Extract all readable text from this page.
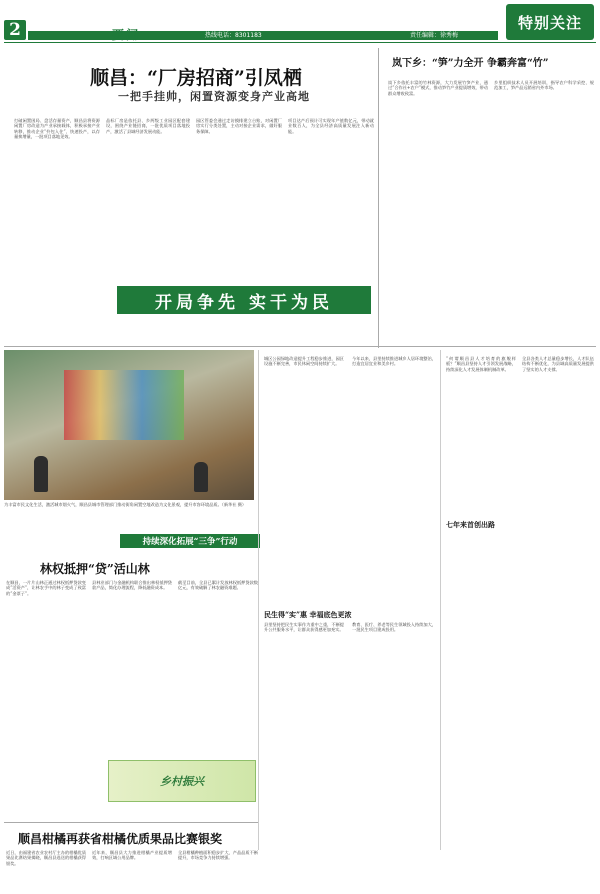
2	要闻	热线电话：8301183	责任编辑：徐秀梅
特别关注
顺昌：“厂房招商”引凤栖
一把手挂帅，闲置资源变身产业高地
打破闲置困局、盘活存量资产，顺昌县将资源闲置厂房改造为产业承接载体，积极承接产业转移，推动企业“拎包入住”、快速投产，以存量换增量，一批项目落地见效。
品标厂房是依托县、乡两级工业园区配套建设，围绕产业链招商，一批优质项目落地投产，激活了县域经济发展动能。
园区管委会通过走访摸排建立台账，对闲置厂房实行分类处置，主动对接企业需求，做好服务保障。
项目达产后预计可实现年产值数亿元，带动就业数百人，为全县经济高质量发展注入新动能。
岚下乡：“笋”力全开 争霸奔富“竹”
岚下乡依托丰富的竹林资源，大力发展竹笋产业，通过“合作社+农户”模式，推动笋竹产业提质增效，带动群众增收致富。
乡里组织技术人员开展培训，指导农户科学采挖、规范加工，笋产品远销省内外市场。
开局争先 实干为民
为丰富市民文化生活，激活城市烟火气，顺昌县城市管理部门推动街角闲置空地改造为文化景观，提升市容环境品质。（新华社 摄）
持续深化拓展“三争”行动
林权抵押“贷”活山林
在顺昌，一片片山林正通过林权抵押贷款变成“活资产”，让林农手中的林子变成了致富的“金票子”。
县林业部门与金融机构联合推出林权抵押贷款产品，简化办理流程，降低融资成本。
截至目前，全县已累计发放林权抵押贷款数亿元，有效破解了林农融资难题。
乡村振兴
城区公园绿地改造提升工程稳步推进，园区设施不断完善，市民休闲空间持续扩大。
今年以来，县里持续推进城乡人居环境整治，打造宜居宜业和美乡村。
民生得“实”惠 幸福底色更浓
县里坚持把民生实事作为重中之重，不断提升公共服务水平，让群众获得感更加充实。
教育、医疗、养老等民生领域投入持续加大，一批民生项目建成投用。
“何谓顺昌县人才培育的旗舰样板？”顺昌县坚持人才引领发展战略，持续深化人才发展体制机制改革。
全县各类人才总量稳步增长，人才队伍结构不断优化，为县域高质量发展提供了坚实的人才支撑。
七年来首创出路
顺昌柑橘再获省柑橘优质果品比赛银奖
近日，由福建省农业农村厅主办的柑橘优质果品比赛结果揭晓，顺昌县选送的柑橘获得银奖。
近年来，顺昌县大力推进柑橘产业提质增效，打响区域公用品牌。
全县柑橘种植面积稳步扩大，产品品质不断提升，市场竞争力持续增强。
